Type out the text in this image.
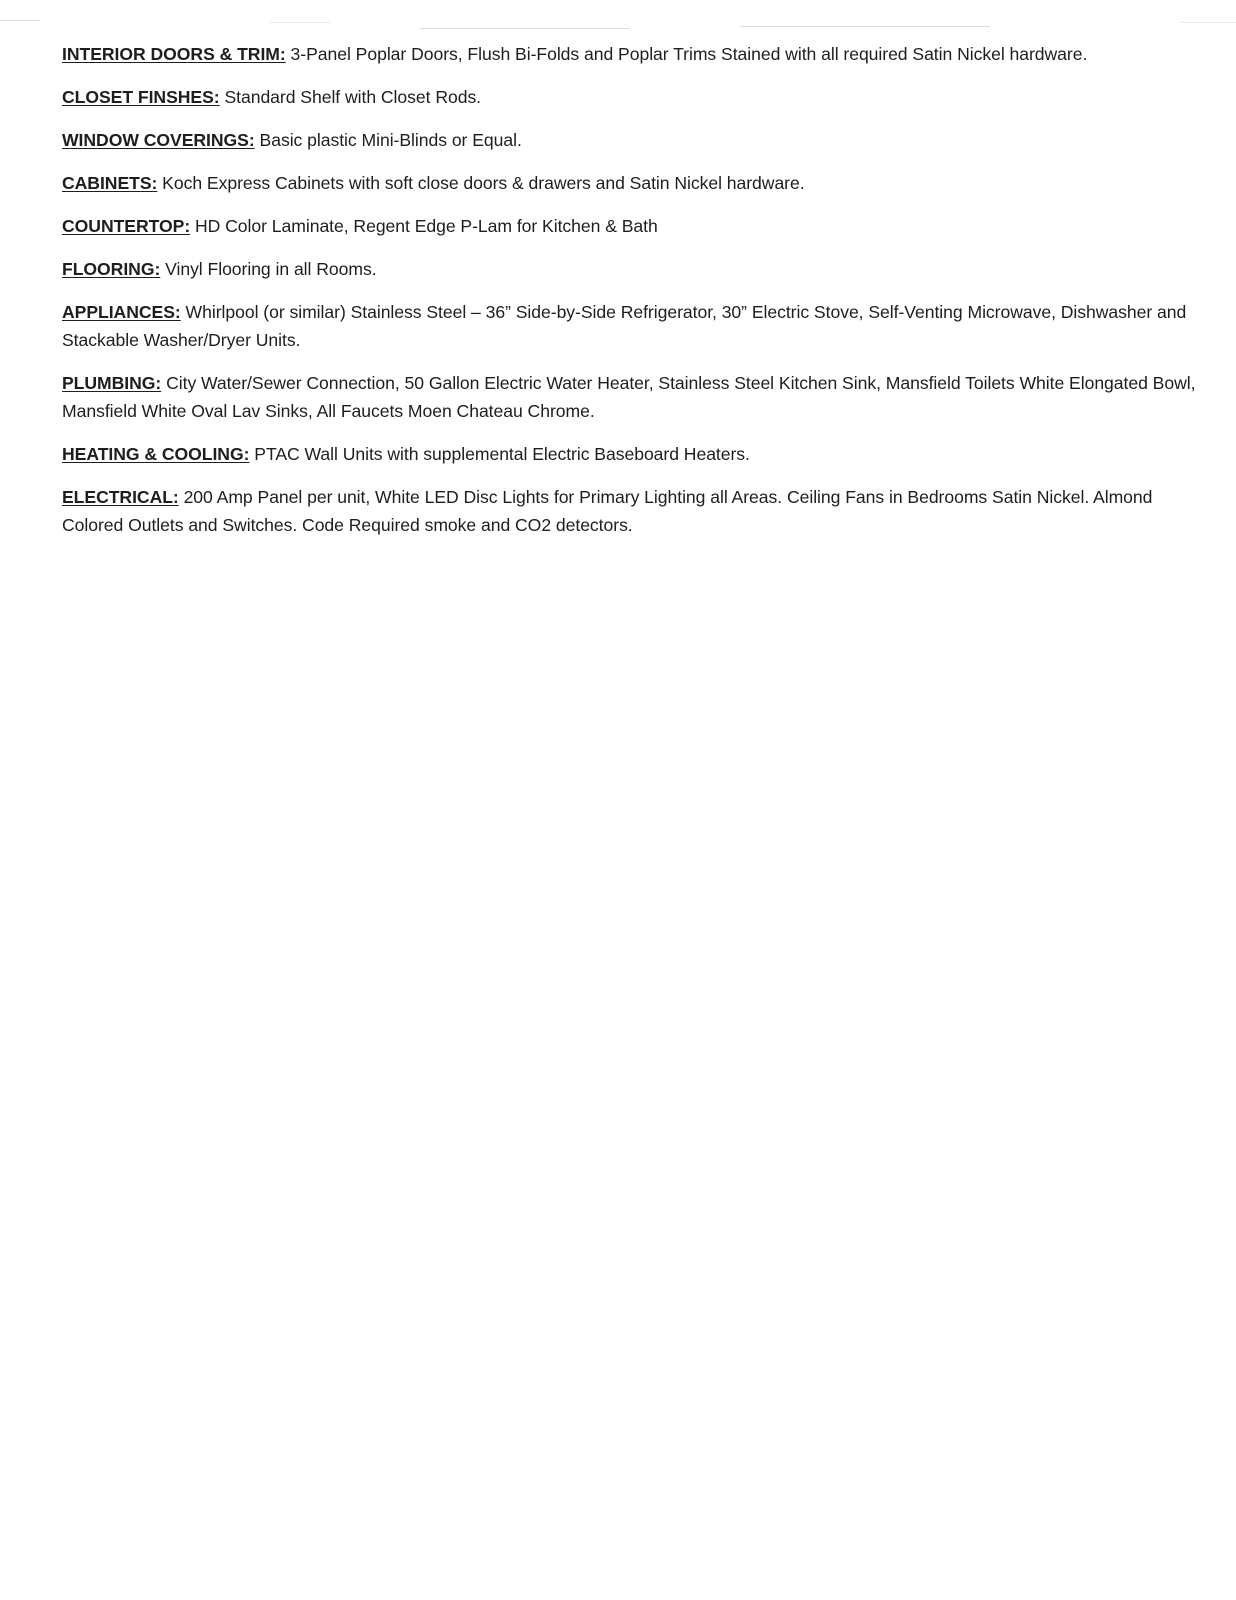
INTERIOR DOORS & TRIM: 3-Panel Poplar Doors, Flush Bi-Folds and Poplar Trims Stained with all required Satin Nickel hardware.

CLOSET FINSHES: Standard Shelf with Closet Rods.

WINDOW COVERINGS: Basic plastic Mini-Blinds or Equal.

CABINETS: Koch Express Cabinets with soft close doors & drawers and Satin Nickel hardware.

COUNTERTOP: HD Color Laminate, Regent Edge P-Lam for Kitchen & Bath

FLOORING: Vinyl Flooring in all Rooms.

APPLIANCES: Whirlpool (or similar) Stainless Steel – 36” Side-by-Side Refrigerator, 30” Electric Stove, Self-Venting Microwave, Dishwasher and Stackable Washer/Dryer Units.

PLUMBING: City Water/Sewer Connection, 50 Gallon Electric Water Heater, Stainless Steel Kitchen Sink, Mansfield Toilets White Elongated Bowl, Mansfield White Oval Lav Sinks, All Faucets Moen Chateau Chrome.

HEATING & COOLING: PTAC Wall Units with supplemental Electric Baseboard Heaters.

ELECTRICAL: 200 Amp Panel per unit, White LED Disc Lights for Primary Lighting all Areas. Ceiling Fans in Bedrooms Satin Nickel. Almond Colored Outlets and Switches. Code Required smoke and CO2 detectors.
